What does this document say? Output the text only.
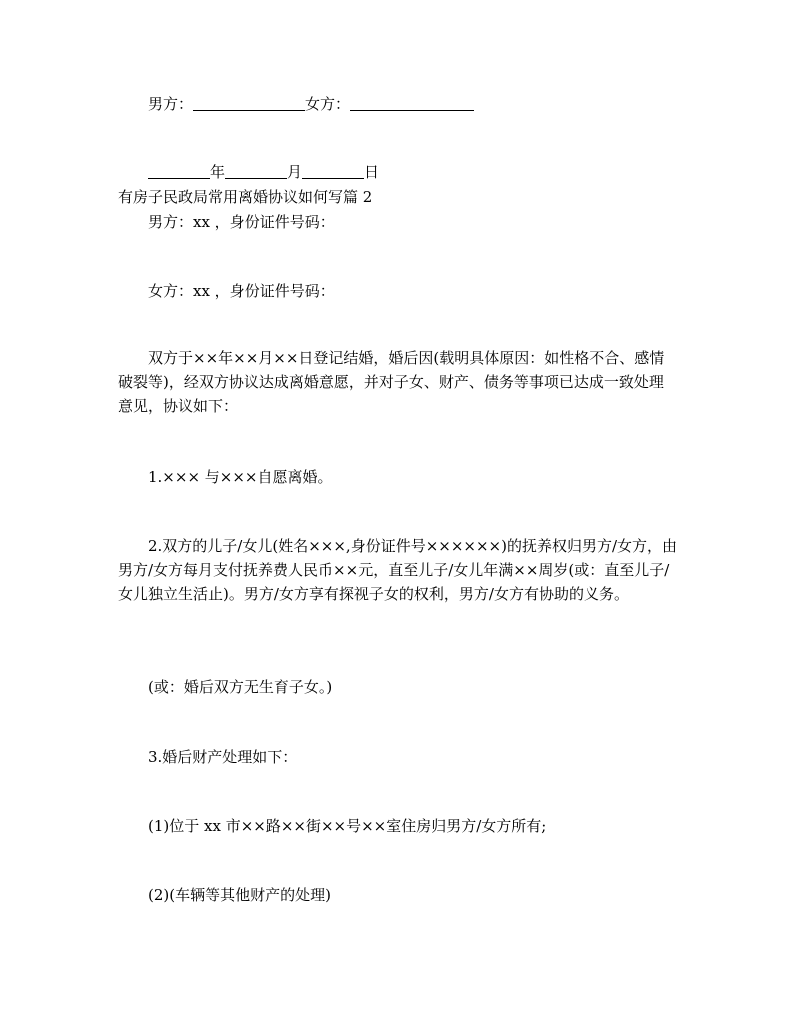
男方：	女方：
年	月	日
有房子民政局常用离婚协议如何写篇 2
男方：xx ，身份证件号码：
女方：xx ，身份证件号码：
双方于××年××月××日登记结婚，婚后因(载明具体原因：如性格不合、感情破裂等)，经双方协议达成离婚意愿，并对子女、财产、债务等事项已达成一致处理意见，协议如下：
1.××× 与×××自愿离婚。
2.双方的儿子/女儿(姓名×××,身份证件号××××××)的抚养权归男方/女方，由男方/女方每月支付抚养费人民币××元，直至儿子/女儿年满××周岁(或：直至儿子/女儿独立生活止)。男方/女方享有探视子女的权利，男方/女方有协助的义务。
(或：婚后双方无生育子女。)
3.婚后财产处理如下：
(1)位于 xx 市××路××街××号××室住房归男方/女方所有;
(2)(车辆等其他财产的处理)
